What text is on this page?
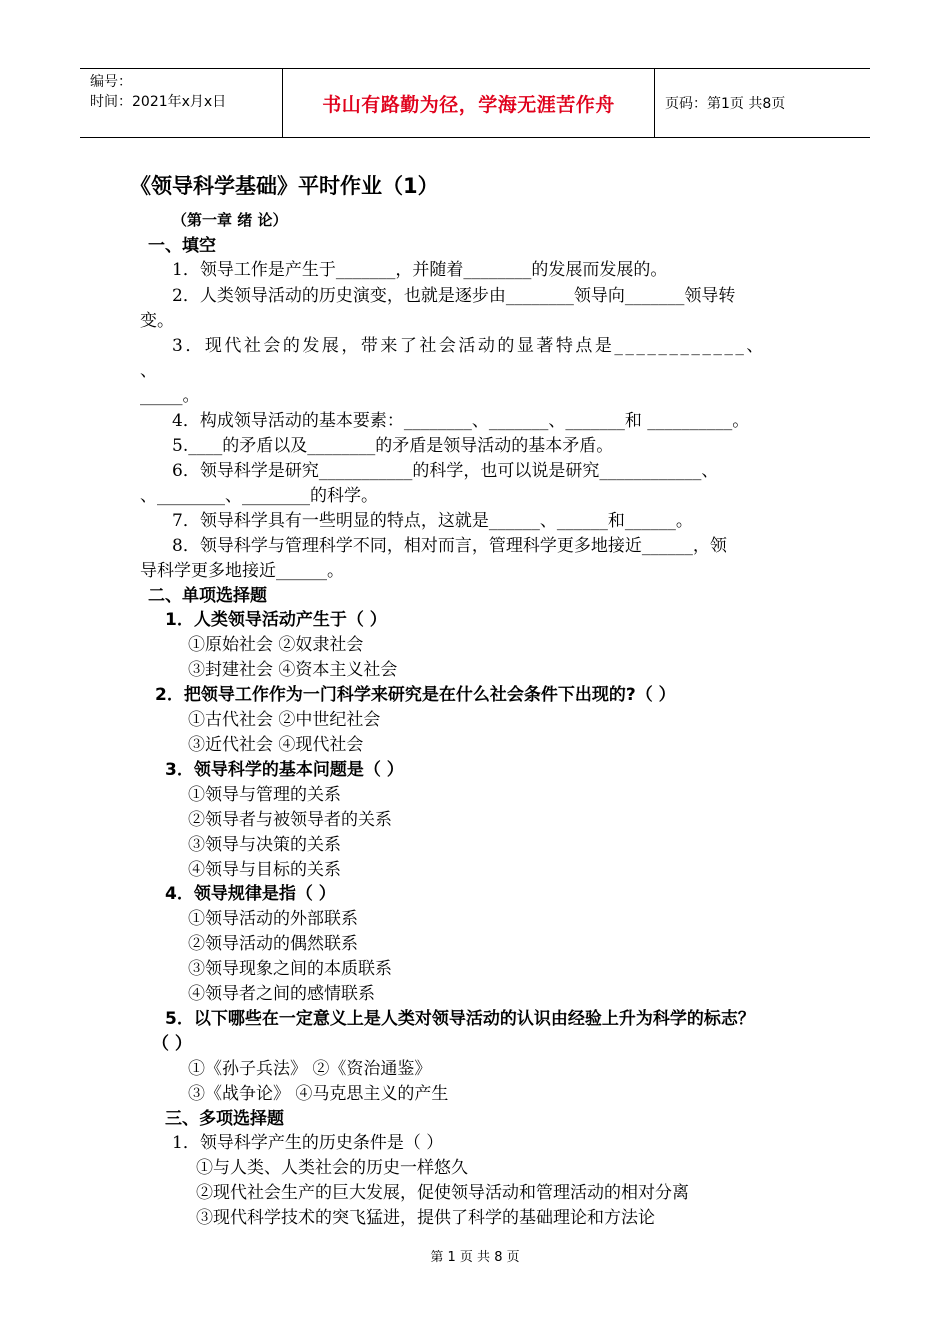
编号：
时间：2021年x月x日	书山有路勤为径，学海无涯苦作舟	页码：第1页 共8页
《领导科学基础》平时作业（1）
（第一章 绪 论）
一、填空
1．领导工作是产生于_______，并随着________的发展而发展的。
2．人类领导活动的历史演变，也就是逐步由________领导向_______领导转
变。
3．现代社会的发展，带来了社会活动的显著特点是____________、
、
_____。
4．构成领导活动的基本要素：________、_______、_______和 __________。
5.____的矛盾以及________的矛盾是领导活动的基本矛盾。
6．领导科学是研究___________的科学，也可以说是研究____________、
、________、________的科学。
7．领导科学具有一些明显的特点，这就是______、______和______。
8．领导科学与管理科学不同，相对而言，管理科学更多地接近______，领
导科学更多地接近______。
二、单项选择题
1．人类领导活动产生于（ ）
①原始社会 ②奴隶社会
③封建社会 ④资本主义社会
2．把领导工作作为一门科学来研究是在什么社会条件下出现的?（ ）
①古代社会 ②中世纪社会
③近代社会 ④现代社会
3．领导科学的基本问题是（ ）
①领导与管理的关系
②领导者与被领导者的关系
③领导与决策的关系
④领导与目标的关系
4．领导规律是指（ ）
①领导活动的外部联系
②领导活动的偶然联系
③领导现象之间的本质联系
④领导者之间的感情联系
5．以下哪些在一定意义上是人类对领导活动的认识由经验上升为科学的标志？
（ ）
①《孙子兵法》 ②《资治通鉴》
③《战争论》 ④马克思主义的产生
三、多项选择题
1．领导科学产生的历史条件是（ ）
①与人类、人类社会的历史一样悠久
②现代社会生产的巨大发展，促使领导活动和管理活动的相对分离
③现代科学技术的突飞猛进，提供了科学的基础理论和方法论
第 1 页 共 8 页
